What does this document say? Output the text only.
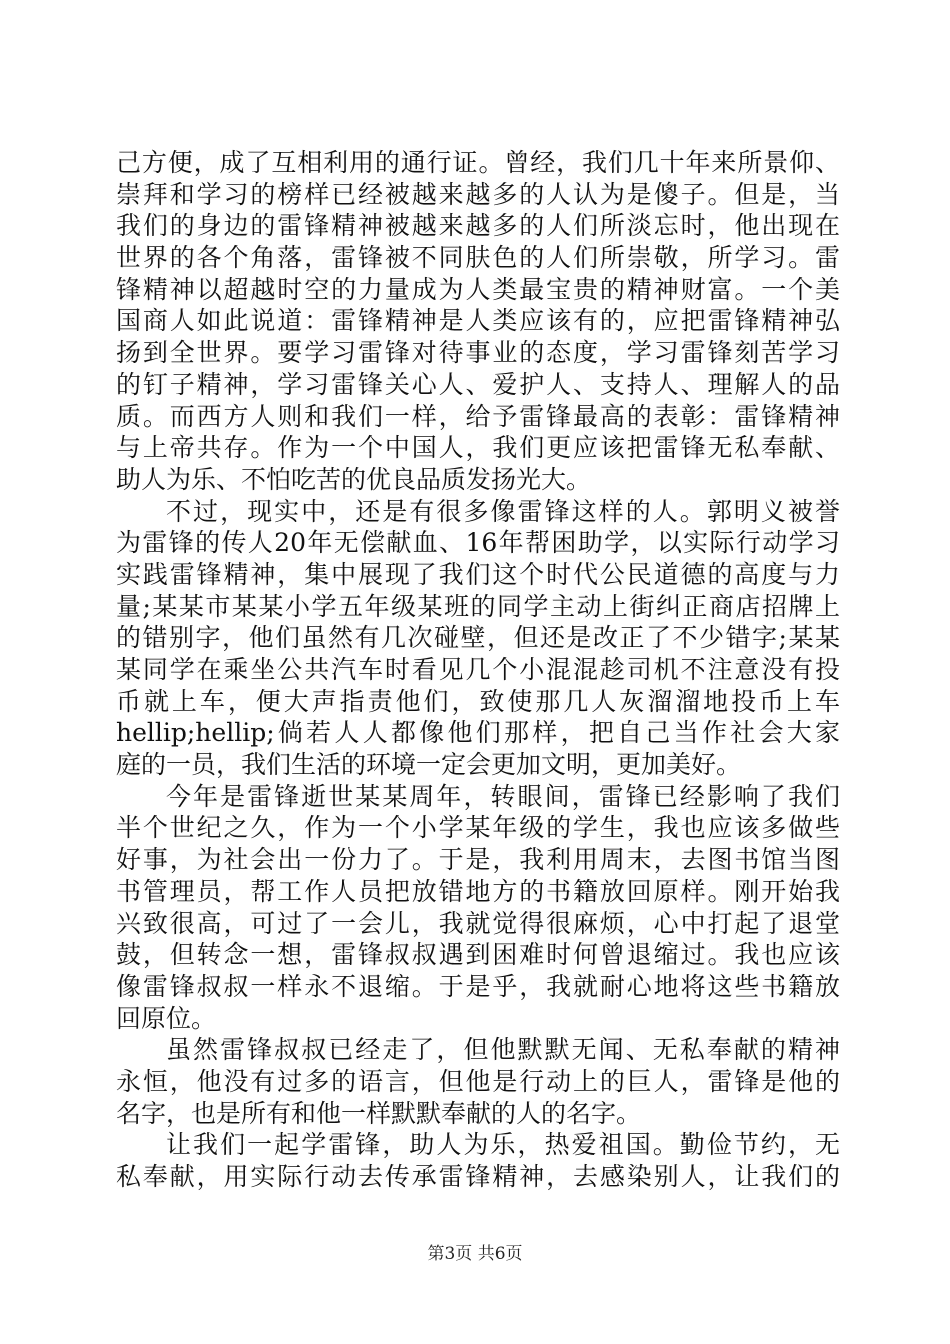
己方便，成了互相利用的通行证。曾经，我们几十年来所景仰、
崇拜和学习的榜样已经被越来越多的人认为是傻子。但是，当
我们的身边的雷锋精神被越来越多的人们所淡忘时，他出现在
世界的各个角落，雷锋被不同肤色的人们所崇敬，所学习。雷
锋精神以超越时空的力量成为人类最宝贵的精神财富。一个美
国商人如此说道：雷锋精神是人类应该有的，应把雷锋精神弘
扬到全世界。要学习雷锋对待事业的态度，学习雷锋刻苦学习
的钉子精神，学习雷锋关心人、爱护人、支持人、理解人的品
质。而西方人则和我们一样，给予雷锋最高的表彰：雷锋精神
与上帝共存。作为一个中国人，我们更应该把雷锋无私奉献、
助人为乐、不怕吃苦的优良品质发扬光大。
不过，现实中，还是有很多像雷锋这样的人。郭明义被誉
为雷锋的传人20年无偿献血、16年帮困助学，以实际行动学习
实践雷锋精神，集中展现了我们这个时代公民道德的高度与力
量;某某市某某小学五年级某班的同学主动上街纠正商店招牌上
的错别字，他们虽然有几次碰壁，但还是改正了不少错字;某某
某同学在乘坐公共汽车时看见几个小混混趁司机不注意没有投
币就上车，便大声指责他们，致使那几人灰溜溜地投币上车
hellip;hellip;倘若人人都像他们那样，把自己当作社会大家
庭的一员，我们生活的环境一定会更加文明，更加美好。
今年是雷锋逝世某某周年，转眼间，雷锋已经影响了我们
半个世纪之久，作为一个小学某年级的学生，我也应该多做些
好事，为社会出一份力了。于是，我利用周末，去图书馆当图
书管理员，帮工作人员把放错地方的书籍放回原样。刚开始我
兴致很高，可过了一会儿，我就觉得很麻烦，心中打起了退堂
鼓，但转念一想，雷锋叔叔遇到困难时何曾退缩过。我也应该
像雷锋叔叔一样永不退缩。于是乎，我就耐心地将这些书籍放
回原位。
虽然雷锋叔叔已经走了，但他默默无闻、无私奉献的精神
永恒，他没有过多的语言，但他是行动上的巨人，雷锋是他的
名字，也是所有和他一样默默奉献的人的名字。
让我们一起学雷锋，助人为乐，热爱祖国。勤俭节约，无
私奉献，用实际行动去传承雷锋精神，去感染别人，让我们的
第3页 共6页
